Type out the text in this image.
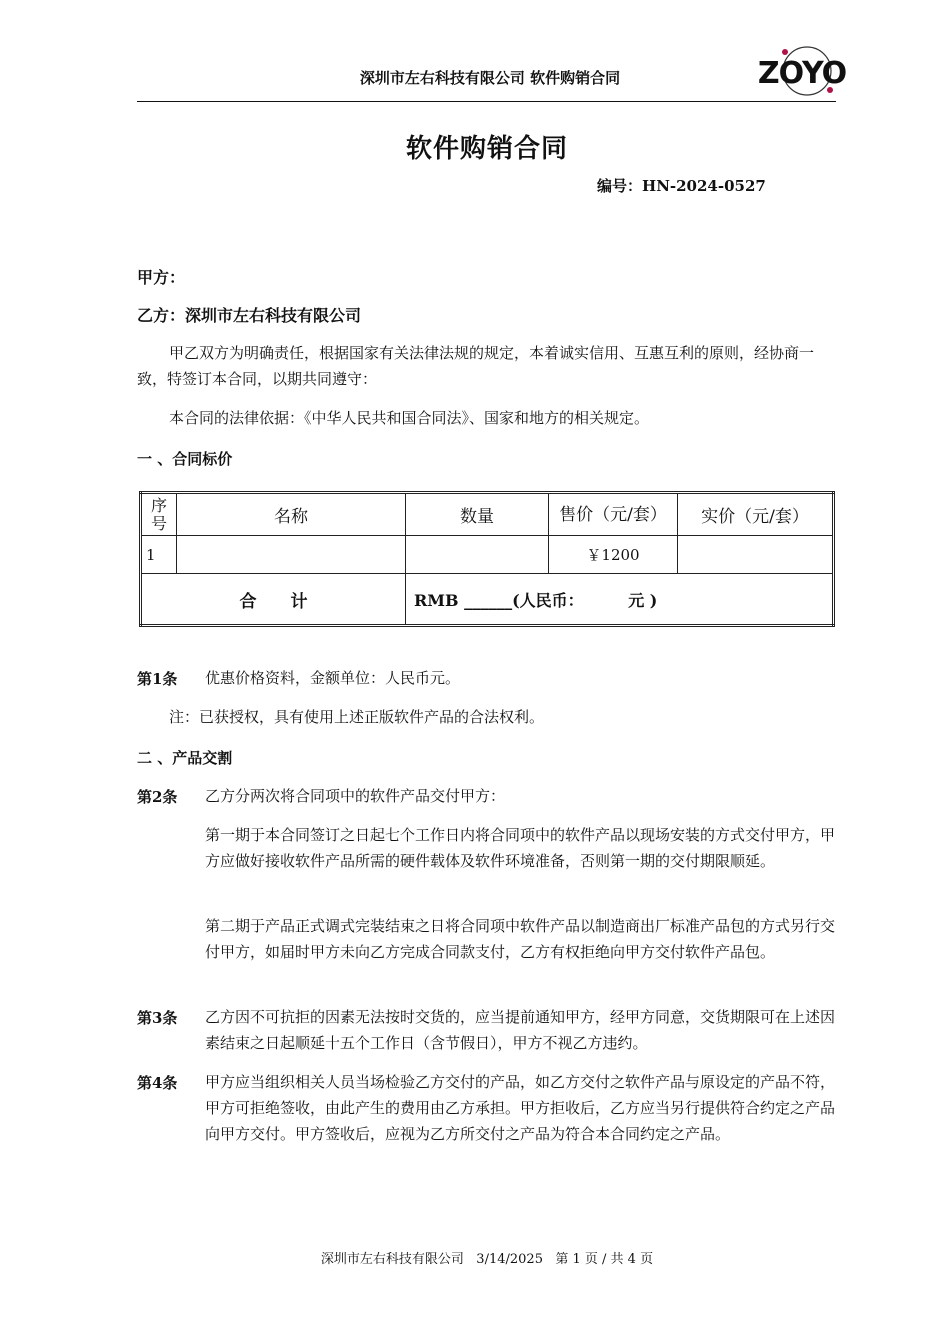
深圳市左右科技有限公司 软件购销合同	ZOYO
软件购销合同
编号：HN-2024-0527
甲方：
乙方：深圳市左右科技有限公司
甲乙双方为明确责任，根据国家有关法律法规的规定，本着诚实信用、互惠互利的原则，经协商一致，特签订本合同，以期共同遵守：
本合同的法律依据：《中华人民共和国合同法》、国家和地方的相关规定。
一 、合同标价
序号	名称	数量	售价（元/套）	实价（元/套）
1			￥1200	
合　　计		RMB ______(人民币：        元 )		
第1条 优惠价格资料，金额单位：人民币元。
注：已获授权，具有使用上述正版软件产品的合法权利。
二 、产品交割
第2条 乙方分两次将合同项中的软件产品交付甲方：
第一期于本合同签订之日起七个工作日内将合同项中的软件产品以现场安装的方式交付甲方，甲方应做好接收软件产品所需的硬件载体及软件环境准备，否则第一期的交付期限顺延。
第二期于产品正式调式完装结束之日将合同项中软件产品以制造商出厂标准产品包的方式另行交付甲方，如届时甲方未向乙方完成合同款支付，乙方有权拒绝向甲方交付软件产品包。
第3条 乙方因不可抗拒的因素无法按时交货的，应当提前通知甲方，经甲方同意，交货期限可在上述因素结束之日起顺延十五个工作日（含节假日），甲方不视乙方违约。
第4条 甲方应当组织相关人员当场检验乙方交付的产品，如乙方交付之软件产品与原设定的产品不符，甲方可拒绝签收，由此产生的费用由乙方承担。甲方拒收后，乙方应当另行提供符合约定之产品向甲方交付。甲方签收后，应视为乙方所交付之产品为符合本合同约定之产品。
深圳市左右科技有限公司   3/14/2025   第 1 页 / 共 4 页
